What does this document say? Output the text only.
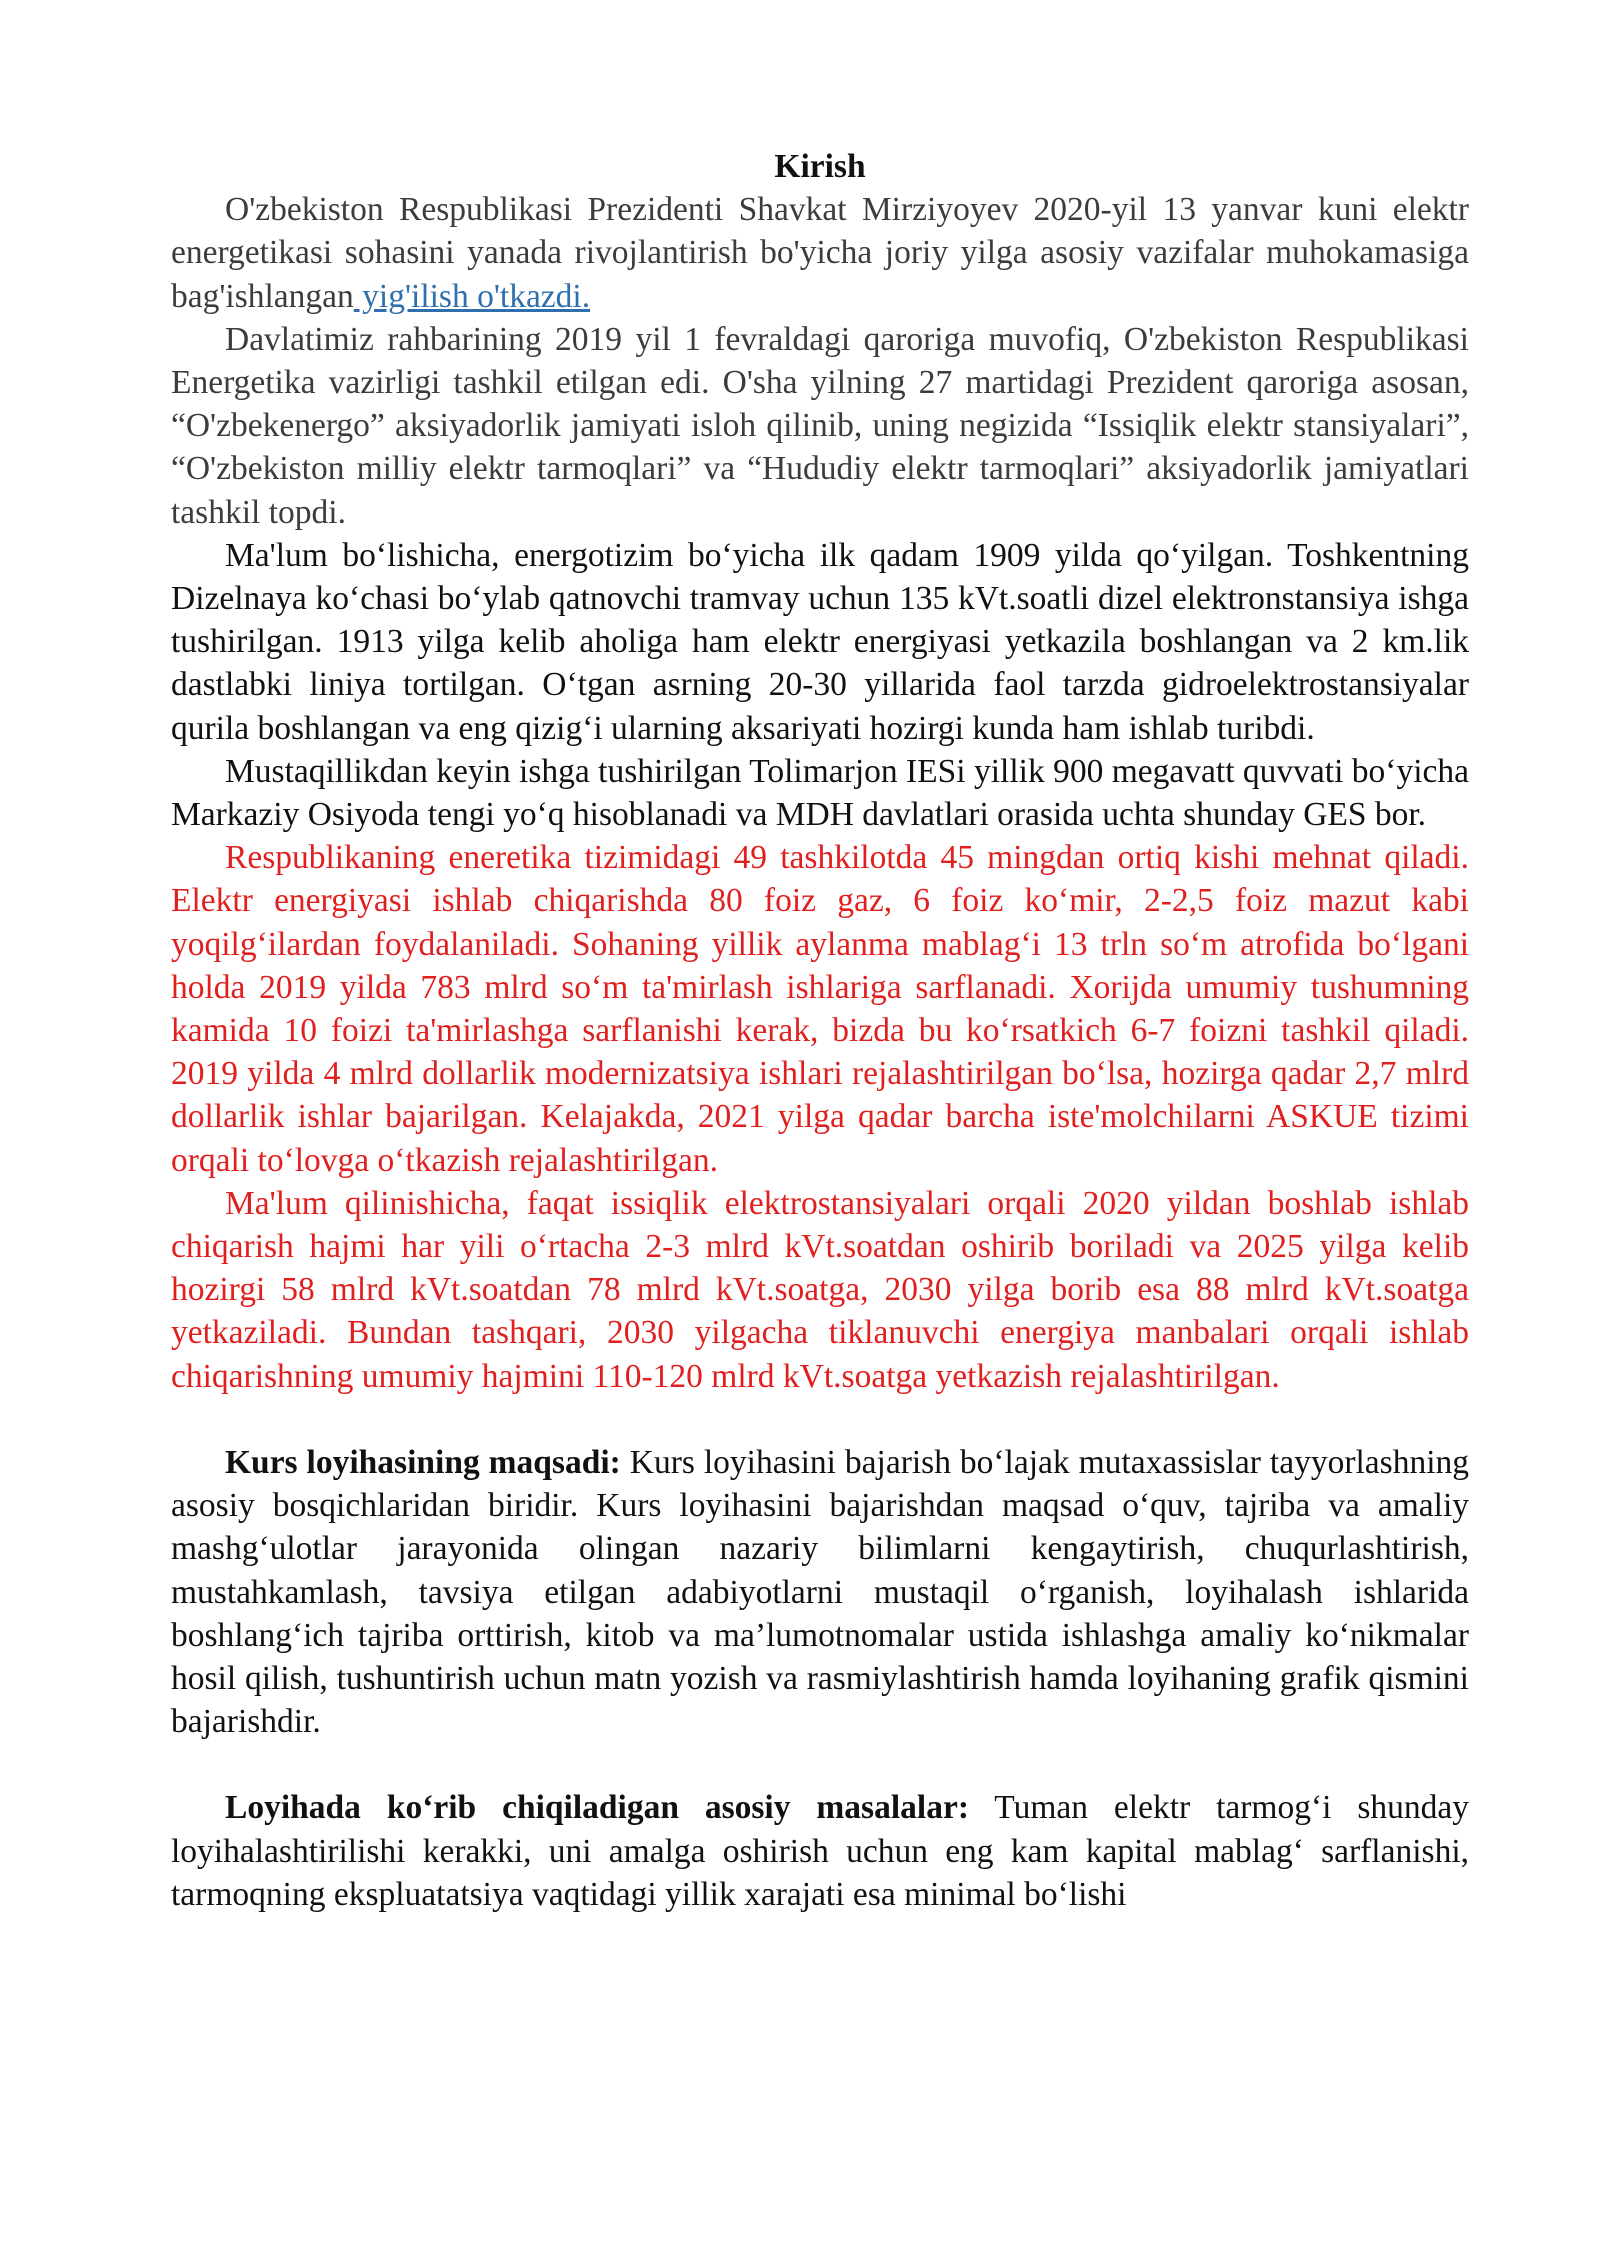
Kirish

O'zbekiston Respublikasi Prezidenti Shavkat Mirziyoyev 2020-yil 13 yanvar kuni elektr energetikasi sohasini yanada rivojlantirish bo'yicha joriy yilga asosiy vazifalar muhokamasiga bag'ishlangan yig'ilish o'tkazdi.

Davlatimiz rahbarining 2019 yil 1 fevraldagi qaroriga muvofiq, O'zbekiston Respublikasi Energetika vazirligi tashkil etilgan edi. O'sha yilning 27 martidagi Prezident qaroriga asosan, “O'zbekenergo” aksiyadorlik jamiyati isloh qilinib, uning negizida “Issiqlik elektr stansiyalari”, “O'zbekiston milliy elektr tarmoqlari” va “Hududiy elektr tarmoqlari” aksiyadorlik jamiyatlari tashkil topdi.

Ma'lum bo‘lishicha, energotizim bo‘yicha ilk qadam 1909 yilda qo‘yilgan. Toshkentning Dizelnaya ko‘chasi bo‘ylab qatnovchi tramvay uchun 135 kVt.soatli dizel elektronstansiya ishga tushirilgan. 1913 yilga kelib aholiga ham elektr energiyasi yetkazila boshlangan va 2 km.lik dastlabki liniya tortilgan. O‘tgan asrning 20-30 yillarida faol tarzda gidroelektrostansiyalar qurila boshlangan va eng qizig‘i ularning aksariyati hozirgi kunda ham ishlab turibdi.

Mustaqillikdan keyin ishga tushirilgan Tolimarjon IESi yillik 900 megavatt quvvati bo‘yicha Markaziy Osiyoda tengi yo‘q hisoblanadi va MDH davlatlari orasida uchta shunday GES bor.

Respublikaning eneretika tizimidagi 49 tashkilotda 45 mingdan ortiq kishi mehnat qiladi. Elektr energiyasi ishlab chiqarishda 80 foiz gaz, 6 foiz ko‘mir, 2-2,5 foiz mazut kabi yoqilg‘ilardan foydalaniladi. Sohaning yillik aylanma mablag‘i 13 trln so‘m atrofida bo‘lgani holda 2019 yilda 783 mlrd so‘m ta'mirlash ishlariga sarflanadi. Xorijda umumiy tushumning kamida 10 foizi ta'mirlashga sarflanishi kerak, bizda bu ko‘rsatkich 6-7 foizni tashkil qiladi. 2019 yilda 4 mlrd dollarlik modernizatsiya ishlari rejalashtirilgan bo‘lsa, hozirga qadar 2,7 mlrd dollarlik ishlar bajarilgan. Kelajakda, 2021 yilga qadar barcha iste'molchilarni ASKUE tizimi orqali to‘lovga o‘tkazish rejalashtirilgan.

Ma'lum qilinishicha, faqat issiqlik elektrostansiyalari orqali 2020 yildan boshlab ishlab chiqarish hajmi har yili o‘rtacha 2-3 mlrd kVt.soatdan oshirib boriladi va 2025 yilga kelib hozirgi 58 mlrd kVt.soatdan 78 mlrd kVt.soatga, 2030 yilga borib esa 88 mlrd kVt.soatga yetkaziladi. Bundan tashqari, 2030 yilgacha tiklanuvchi energiya manbalari orqali ishlab chiqarishning umumiy hajmini 110-120 mlrd kVt.soatga yetkazish rejalashtirilgan.

Kurs loyihasining maqsadi: Kurs loyihasini bajarish bo‘lajak mutaxassislar tayyorlashning asosiy bosqichlaridan biridir. Kurs loyihasini bajarishdan maqsad o‘quv, tajriba va amaliy mashg‘ulotlar jarayonida olingan nazariy bilimlarni kengaytirish, chuqurlashtirish, mustahkamlash, tavsiya etilgan adabiyotlarni mustaqil o‘rganish, loyihalash ishlarida boshlang‘ich tajriba orttirish, kitob va ma’lumotnomalar ustida ishlashga amaliy ko‘nikmalar hosil qilish, tushuntirish uchun matn yozish va rasmiylashtirish hamda loyihaning grafik qismini bajarishdir.

Loyihada ko‘rib chiqiladigan asosiy masalalar: Tuman elektr tarmog‘i shunday loyihalashtirilishi kerakki, uni amalga oshirish uchun eng kam kapital mablag‘ sarflanishi, tarmoqning ekspluatatsiya vaqtidagi yillik xarajati esa minimal bo‘lishi
